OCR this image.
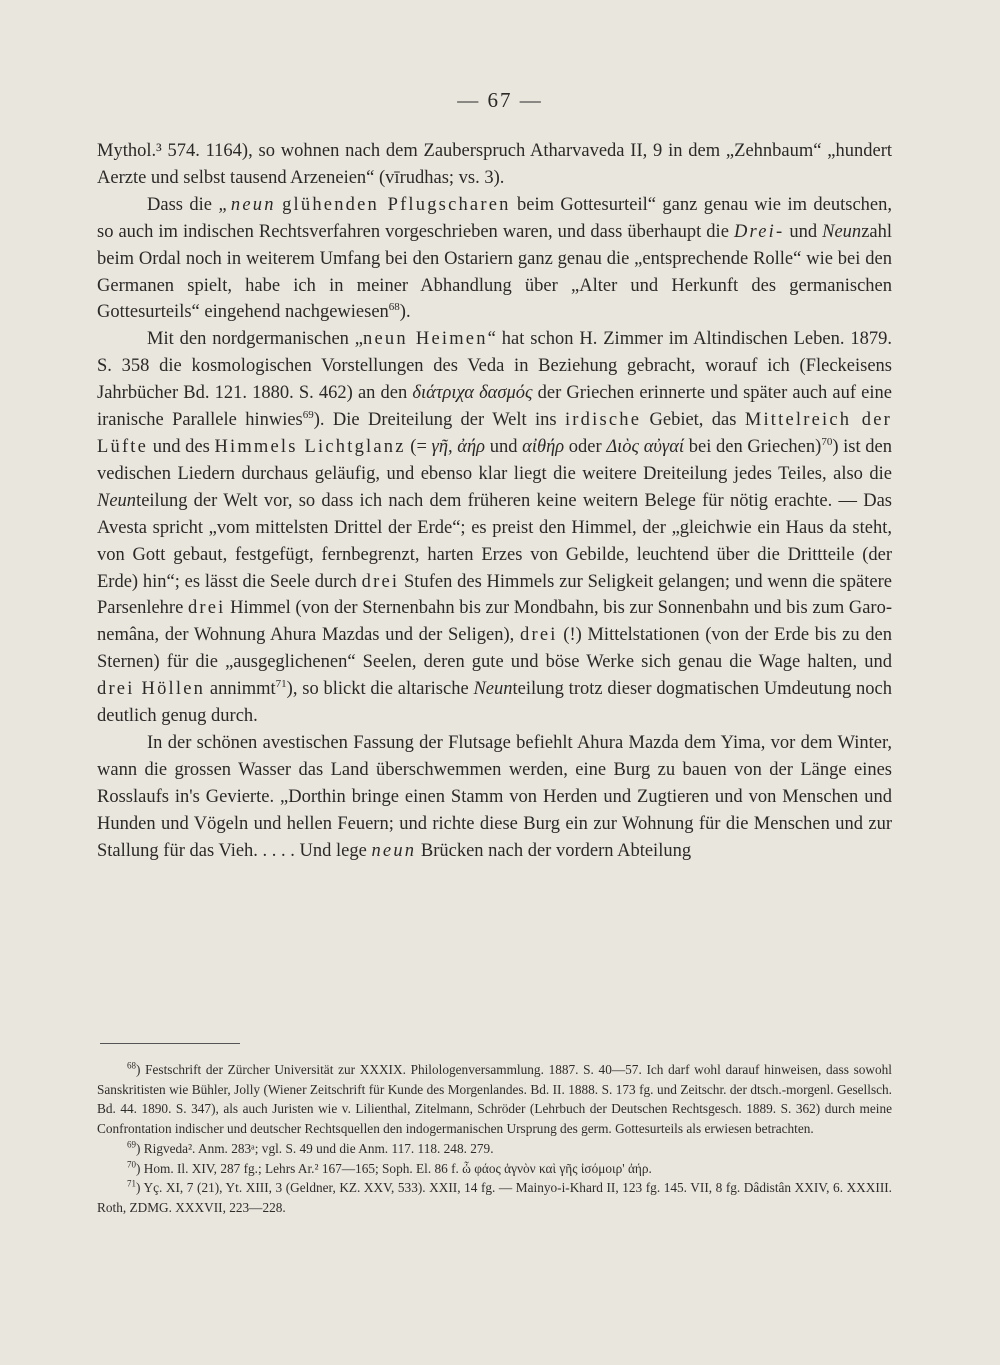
— 67 —

Mythol.³ 574. 1164), so wohnen nach dem Zauberspruch Atharvaveda II, 9 in dem „Zehnbaum“ „hundert Aerzte und selbst tausend Arzeneien“ (vīrudhas; vs. 3).

Dass die „neun glühenden Pflugscharen beim Gottesurteil“ ganz genau wie im deutschen, so auch im indischen Rechtsverfahren vorgeschrieben waren, und dass überhaupt die Drei- und Neunzahl beim Ordal noch in weiterem Umfang bei den Ostariern ganz genau die „entsprechende Rolle“ wie bei den Germanen spielt, habe ich in meiner Abhandlung über „Alter und Herkunft des germanischen Gottesurteils“ eingehend nachgewiesen$^{68}$).

Mit den nordgermanischen „neun Heimen“ hat schon H. Zimmer im Altindischen Leben. 1879. S. 358 die kosmologischen Vorstellungen des Veda in Beziehung gebracht, worauf ich (Fleckeisens Jahrbücher Bd. 121. 1880. S. 462) an den διάτριχα δασμός der Griechen erinnerte und später auch auf eine iranische Parallele hinwies$^{69}$). Die Dreiteilung der Welt ins irdische Gebiet, das Mittelreich der Lüfte und des Himmels Lichtglanz (= γῆ, ἀήρ und αἰθήρ oder Διὸς αὐγαί bei den Griechen)$^{70}$) ist den vedischen Liedern durchaus geläufig, und ebenso klar liegt die weitere Dreiteilung jedes Teiles, also die Neunteilung der Welt vor, so dass ich nach dem früheren keine weitern Belege für nötig erachte. — Das Avesta spricht „vom mittelsten Drittel der Erde“; es preist den Himmel, der „gleichwie ein Haus da steht, von Gott gebaut, festgefügt, fernbegrenzt, harten Erzes von Gebilde, leuchtend über die Drittteile (der Erde) hin“; es lässt die Seele durch drei Stufen des Himmels zur Seligkeit gelangen; und wenn die spätere Parsenlehre drei Himmel (von der Sternenbahn bis zur Mondbahn, bis zur Sonnenbahn und bis zum Garo-nemâna, der Wohnung Ahura Mazdas und der Seligen), drei (!) Mittelstationen (von der Erde bis zu den Sternen) für die „ausgeglichenen“ Seelen, deren gute und böse Werke sich genau die Wage halten, und drei Höllen annimmt$^{71}$), so blickt die altarische Neunteilung trotz dieser dogmatischen Umdeutung noch deutlich genug durch.

In der schönen avestischen Fassung der Flutsage befiehlt Ahura Mazda dem Yima, vor dem Winter, wann die grossen Wasser das Land überschwemmen werden, eine Burg zu bauen von der Länge eines Rosslaufs in's Gevierte. „Dorthin bringe einen Stamm von Herden und Zugtieren und von Menschen und Hunden und Vögeln und hellen Feuern; und richte diese Burg ein zur Wohnung für die Menschen und zur Stallung für das Vieh. . . . . Und lege neun Brücken nach der vordern Abteilung

$^{68}$) Festschrift der Zürcher Universität zur XXXIX. Philologenversammlung. 1887. S. 40—57. Ich darf wohl darauf hinweisen, dass sowohl Sanskritisten wie Bühler, Jolly (Wiener Zeitschrift für Kunde des Morgenlandes. Bd. II. 1888. S. 173 fg. und Zeitschr. der dtsch.-morgenl. Gesellsch. Bd. 44. 1890. S. 347), als auch Juristen wie v. Lilienthal, Zitelmann, Schröder (Lehrbuch der Deutschen Rechtsgesch. 1889. S. 362) durch meine Confrontation indischer und deutscher Rechtsquellen den indogermanischen Ursprung des germ. Gottesurteils als erwiesen betrachten.

$^{69}$) Rigveda². Anm. 283ᵃ; vgl. S. 49 und die Anm. 117. 118. 248. 279.

$^{70}$) Hom. Il. XIV, 287 fg.; Lehrs Ar.² 167—165; Soph. El. 86 f. ὦ φάος ἁγνὸν καὶ γῆς ἰσόμοιρ' ἀήρ.

$^{71}$) Yç. XI, 7 (21), Yt. XIII, 3 (Geldner, KZ. XXV, 533). XXII, 14 fg. — Mainyo-i-Khard II, 123 fg. 145. VII, 8 fg. Dâdistân XXIV, 6. XXXIII. Roth, ZDMG. XXXVII, 223—228.
